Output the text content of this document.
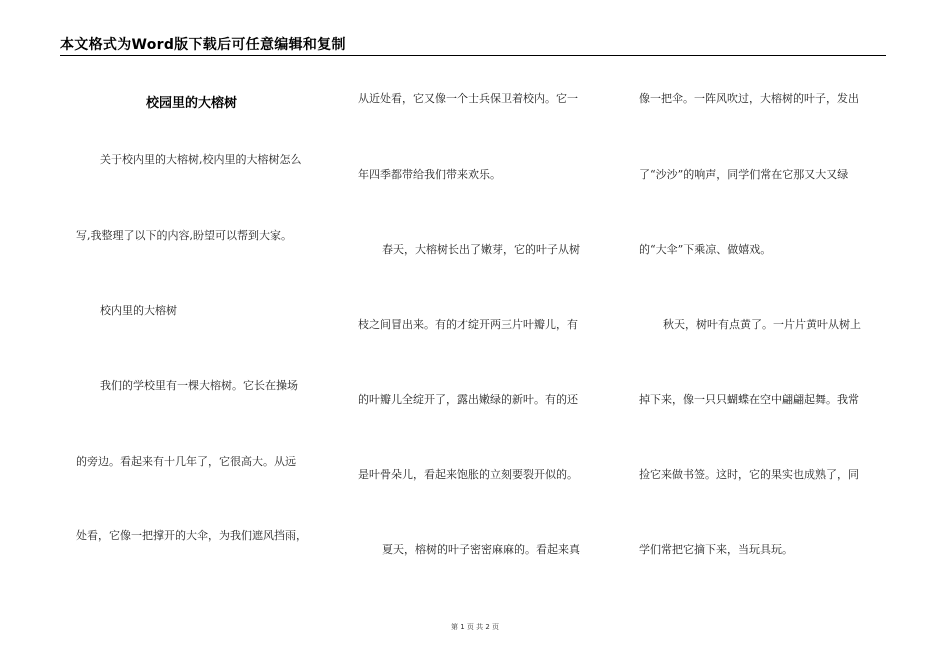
本文格式为Word版下载后可任意编辑和复制
校园里的大榕树
关于校内里的大榕树,校内里的大榕树怎么
写,我整理了以下的内容,盼望可以帮到大家。
校内里的大榕树
我们的学校里有一棵大榕树。它长在操场
的旁边。看起来有十几年了，它很高大。从远
处看，它像一把撑开的大伞，为我们遮风挡雨，
从近处看，它又像一个士兵保卫着校内。它一
年四季都带给我们带来欢乐。
春天，大榕树长出了嫩芽，它的叶子从树
枝之间冒出来。有的才绽开两三片叶瓣儿，有
的叶瓣儿全绽开了，露出嫩绿的新叶。有的还
是叶骨朵儿，看起来饱胀的立刻要裂开似的。
夏天，榕树的叶子密密麻麻的。看起来真
像一把伞。一阵风吹过，大榕树的叶子，发出
了“沙沙”的响声，同学们常在它那又大又绿
的“大伞”下乘凉、做嬉戏。
秋天，树叶有点黄了。一片片黄叶从树上
掉下来，像一只只蝴蝶在空中翩翩起舞。我常
捡它来做书签。这时，它的果实也成熟了，同
学们常把它摘下来，当玩具玩。
第 1 页 共 2 页
